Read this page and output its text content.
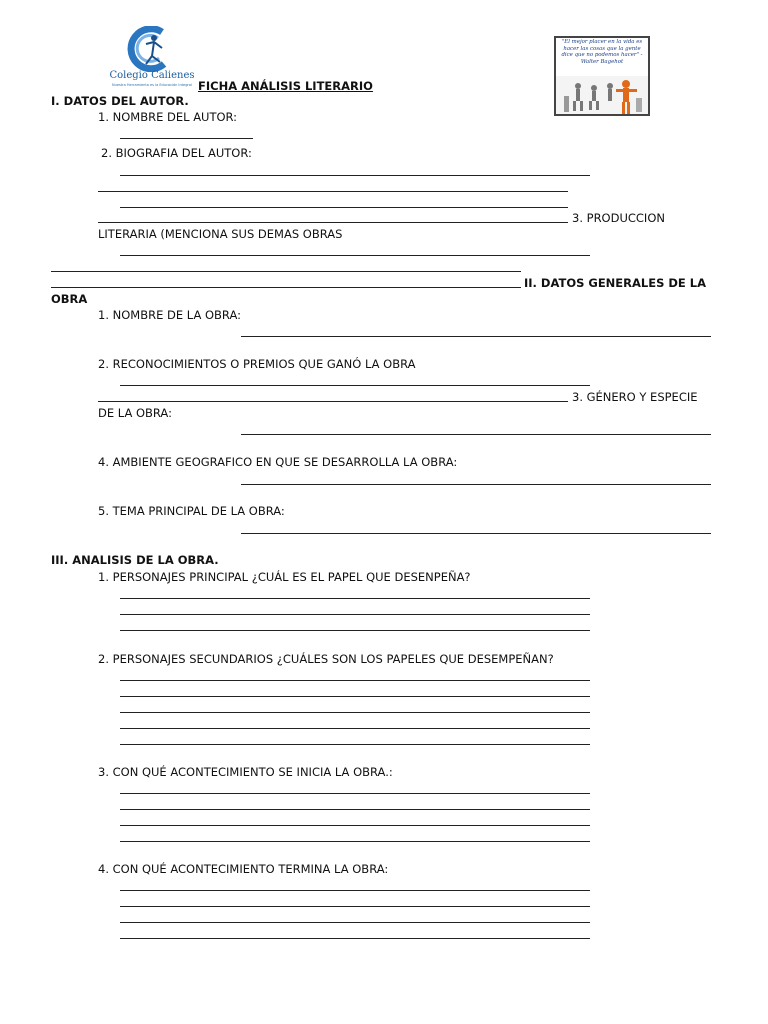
Colegio Calienes
Nuestra Herramienta es la Educación Integral
"El mejor placer en la vida es hacer las cosas que la gente dice que no podemos hacer" - Walter Bagehot
FICHA ANÁLISIS LITERARIO
I. DATOS DEL AUTOR.
1. NOMBRE DEL AUTOR:
2. BIOGRAFIA DEL AUTOR:
3. PRODUCCION
LITERARIA (MENCIONA SUS DEMAS OBRAS
II. DATOS GENERALES DE LA
OBRA
1. NOMBRE DE LA OBRA:
2. RECONOCIMIENTOS O PREMIOS QUE GANÓ LA OBRA
3. GÉNERO Y ESPECIE
DE LA OBRA:
4. AMBIENTE GEOGRAFICO EN QUE SE DESARROLLA LA OBRA:
5. TEMA PRINCIPAL DE LA OBRA:
III. ANALISIS DE LA OBRA.
1. PERSONAJES PRINCIPAL ¿CUÁL ES EL PAPEL QUE DESENPEÑA?
2. PERSONAJES SECUNDARIOS ¿CUÁLES SON LOS PAPELES QUE DESEMPEÑAN?
3. CON QUÉ ACONTECIMIENTO SE INICIA LA OBRA.:
4. CON QUÉ ACONTECIMIENTO TERMINA LA OBRA:
